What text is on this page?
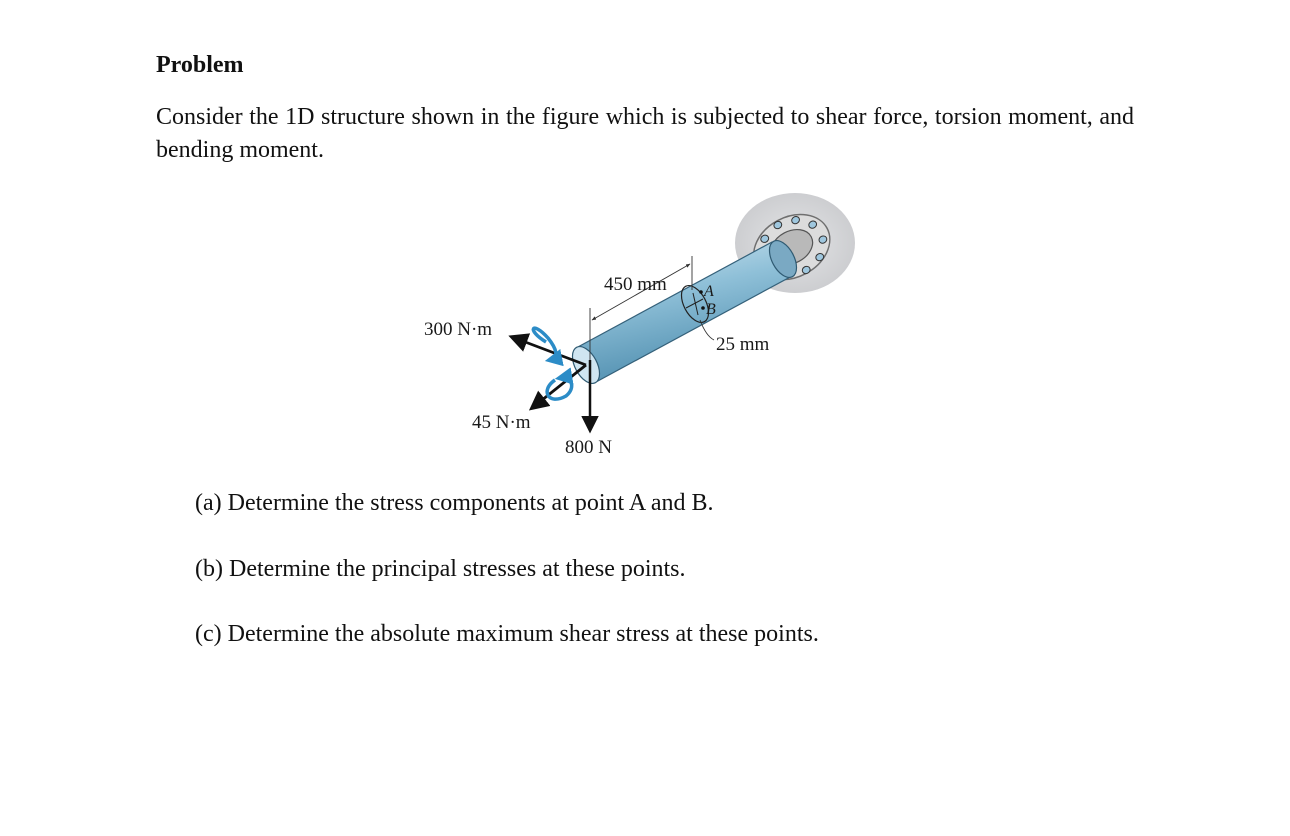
Problem

Consider the 1D structure shown in the figure which is subjected to shear force, torsion moment, and bending moment.

450 mm A
B
25 mm
300 N·m
45 N·m
800 N

(a) Determine the stress components at point A and B.

(b) Determine the principal stresses at these points.

(c) Determine the absolute maximum shear stress at these points.
